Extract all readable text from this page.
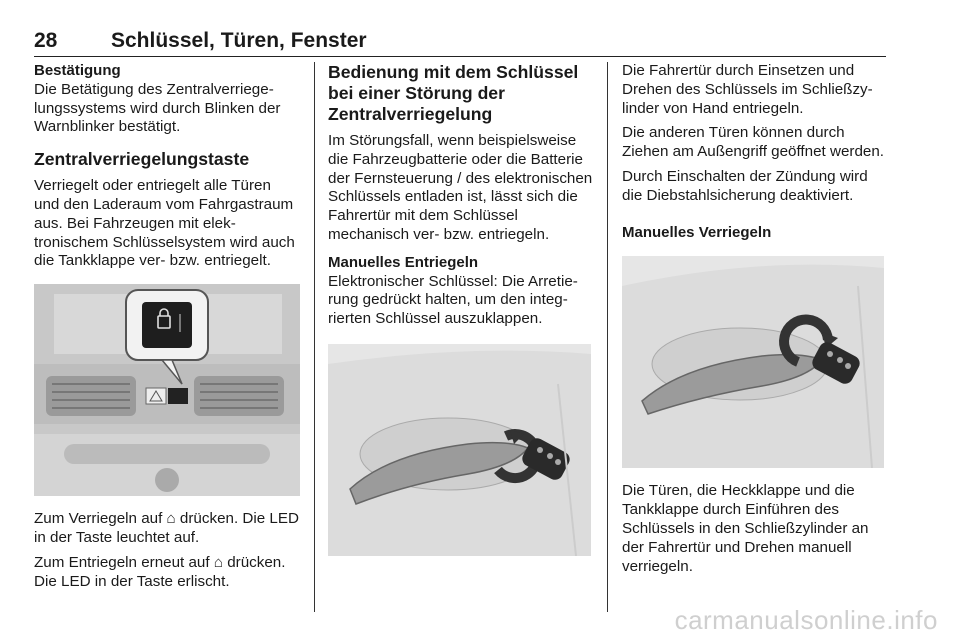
28	Schlüssel, Türen, Fenster
Bestätigung

Die Betätigung des Zentralverriegelungssystems wird durch Blinken der Warnblinker bestätigt.

Zentralverriegelungstaste

Verriegelt oder entriegelt alle Türen und den Laderaum vom Fahrgastraum aus. Bei Fahrzeugen mit elektronischem Schlüsselsystem wird auch die Tankklappe ver- bzw. entriegelt.

Zum Verriegeln auf ⌂ drücken. Die LED in der Taste leuchtet auf.

Zum Entriegeln erneut auf ⌂ drücken. Die LED in der Taste erlischt.

Bedienung mit dem Schlüssel bei einer Störung der Zentralverriegelung

Im Störungsfall, wenn beispielsweise die Fahrzeugbatterie oder die Batterie der Fernsteuerung / des elektronischen Schlüssels entladen ist, lässt sich die Fahrertür mit dem Schlüssel mechanisch ver- bzw. entriegeln.

Manuelles Entriegeln

Elektronischer Schlüssel: Die Arretierung gedrückt halten, um den integrierten Schlüssel auszuklappen.

Die Fahrertür durch Einsetzen und Drehen des Schlüssels im Schließzylinder von Hand entriegeln.

Die anderen Türen können durch Ziehen am Außengriff geöffnet werden.

Durch Einschalten der Zündung wird die Diebstahlsicherung deaktiviert.

Manuelles Verriegeln

Die Türen, die Heckklappe und die Tankklappe durch Einführen des Schlüssels in den Schließzylinder an der Fahrertür und Drehen manuell verriegeln.

carmanualsonline.info
